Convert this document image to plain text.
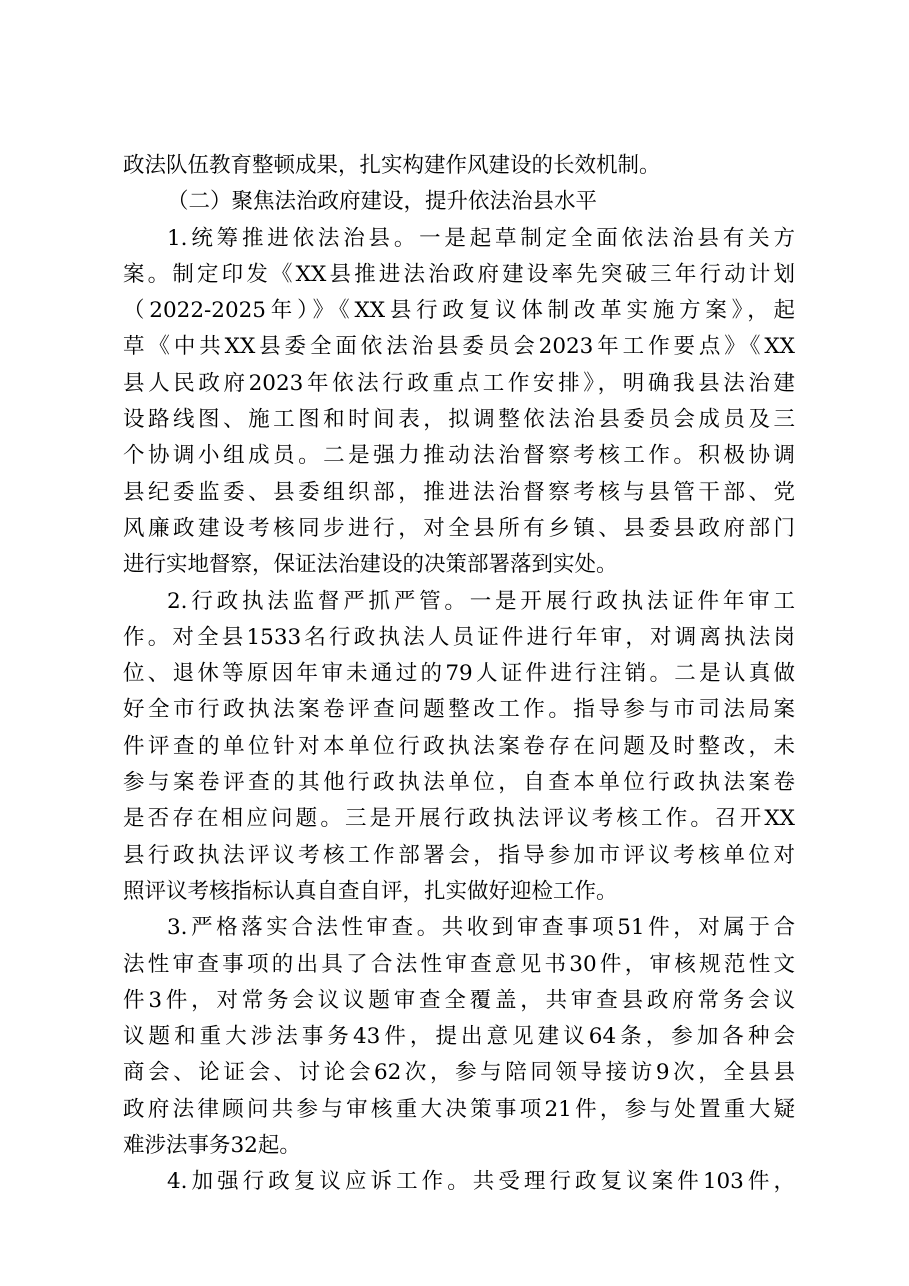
政法队伍教育整顿成果，扎实构建作风建设的长效机制。
（二）聚焦法治政府建设，提升依法治县水平
1.统筹推进依法治县。一是起草制定全面依法治县有关方
案。制定印发《XX县推进法治政府建设率先突破三年行动计划
（2022-2025年）》《XX县行政复议体制改革实施方案》，起
草《中共XX县委全面依法治县委员会2023年工作要点》《XX
县人民政府2023年依法行政重点工作安排》，明确我县法治建
设路线图、施工图和时间表，拟调整依法治县委员会成员及三
个协调小组成员。二是强力推动法治督察考核工作。积极协调
县纪委监委、县委组织部，推进法治督察考核与县管干部、党
风廉政建设考核同步进行，对全县所有乡镇、县委县政府部门
进行实地督察，保证法治建设的决策部署落到实处。
2.行政执法监督严抓严管。一是开展行政执法证件年审工
作。对全县1533名行政执法人员证件进行年审，对调离执法岗
位、退休等原因年审未通过的79人证件进行注销。二是认真做
好全市行政执法案卷评查问题整改工作。指导参与市司法局案
件评查的单位针对本单位行政执法案卷存在问题及时整改，未
参与案卷评查的其他行政执法单位，自查本单位行政执法案卷
是否存在相应问题。三是开展行政执法评议考核工作。召开XX
县行政执法评议考核工作部署会，指导参加市评议考核单位对
照评议考核指标认真自查自评，扎实做好迎检工作。
3.严格落实合法性审查。共收到审查事项51件，对属于合
法性审查事项的出具了合法性审查意见书30件，审核规范性文
件3件，对常务会议议题审查全覆盖，共审查县政府常务会议
议题和重大涉法事务43件，提出意见建议64条，参加各种会
商会、论证会、讨论会62次，参与陪同领导接访9次，全县县
政府法律顾问共参与审核重大决策事项21件，参与处置重大疑
难涉法事务32起。
4.加强行政复议应诉工作。共受理行政复议案件103件，
